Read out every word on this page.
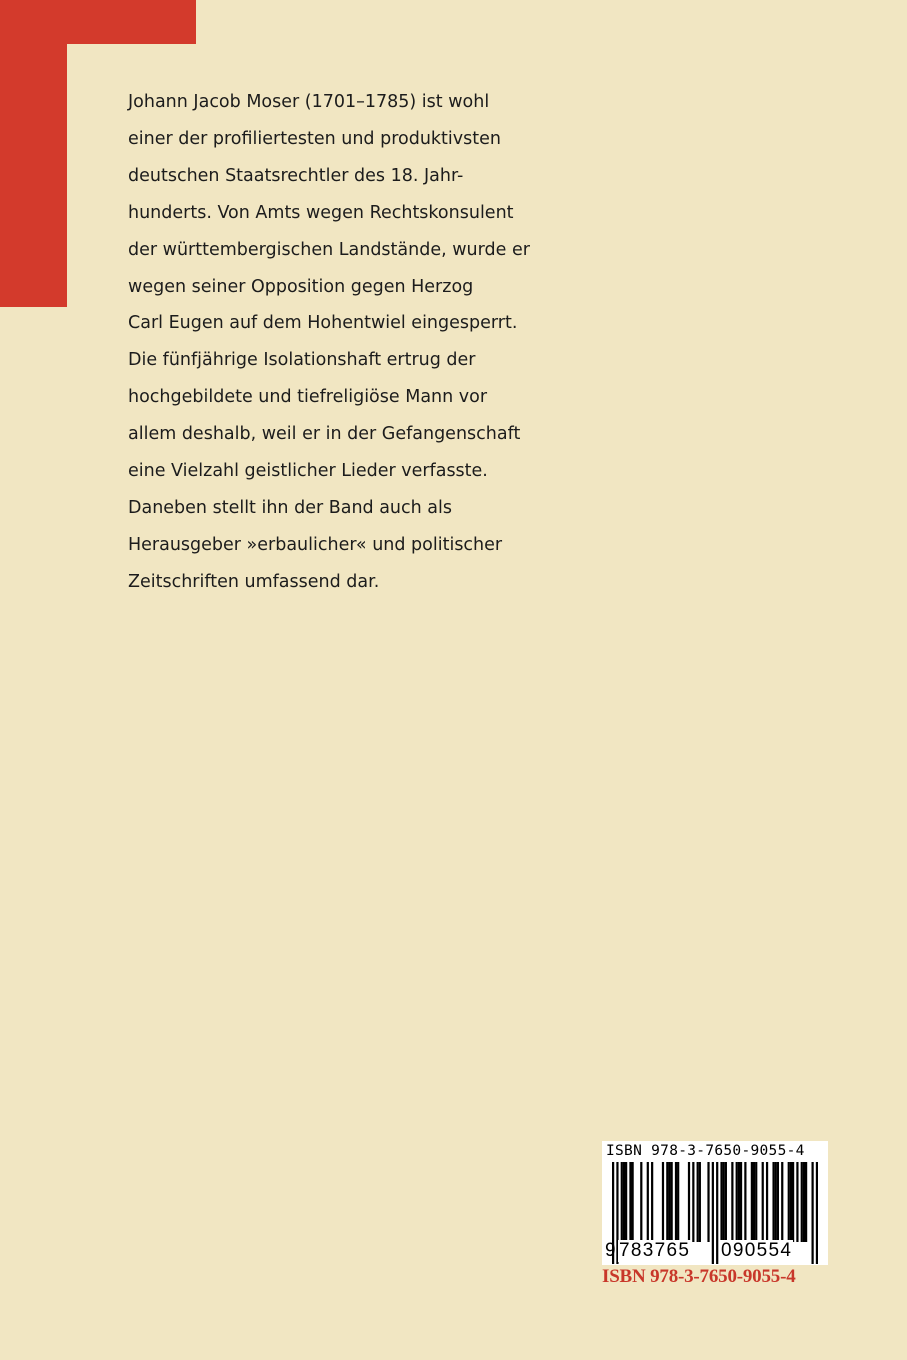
Johann Jacob Moser (1701–1785) ist wohl
einer der profiliertesten und produktivsten
deutschen Staatsrechtler des 18. Jahr-
hunderts. Von Amts wegen Rechtskonsulent
der württembergischen Landstände, wurde er
wegen seiner Opposition gegen Herzog
Carl Eugen auf dem Hohentwiel eingesperrt.
Die fünfjährige Isolationshaft ertrug der
hochgebildete und tiefreligiöse Mann vor
allem deshalb, weil er in der Gefangenschaft
eine Vielzahl geistlicher Lieder verfasste.
Daneben stellt ihn der Band auch als
Herausgeber »erbaulicher« und politischer
Zeitschriften umfassend dar.

ISBN 978-3-7650-9055-4
9 783765 090554
ISBN 978-3-7650-9055-4
